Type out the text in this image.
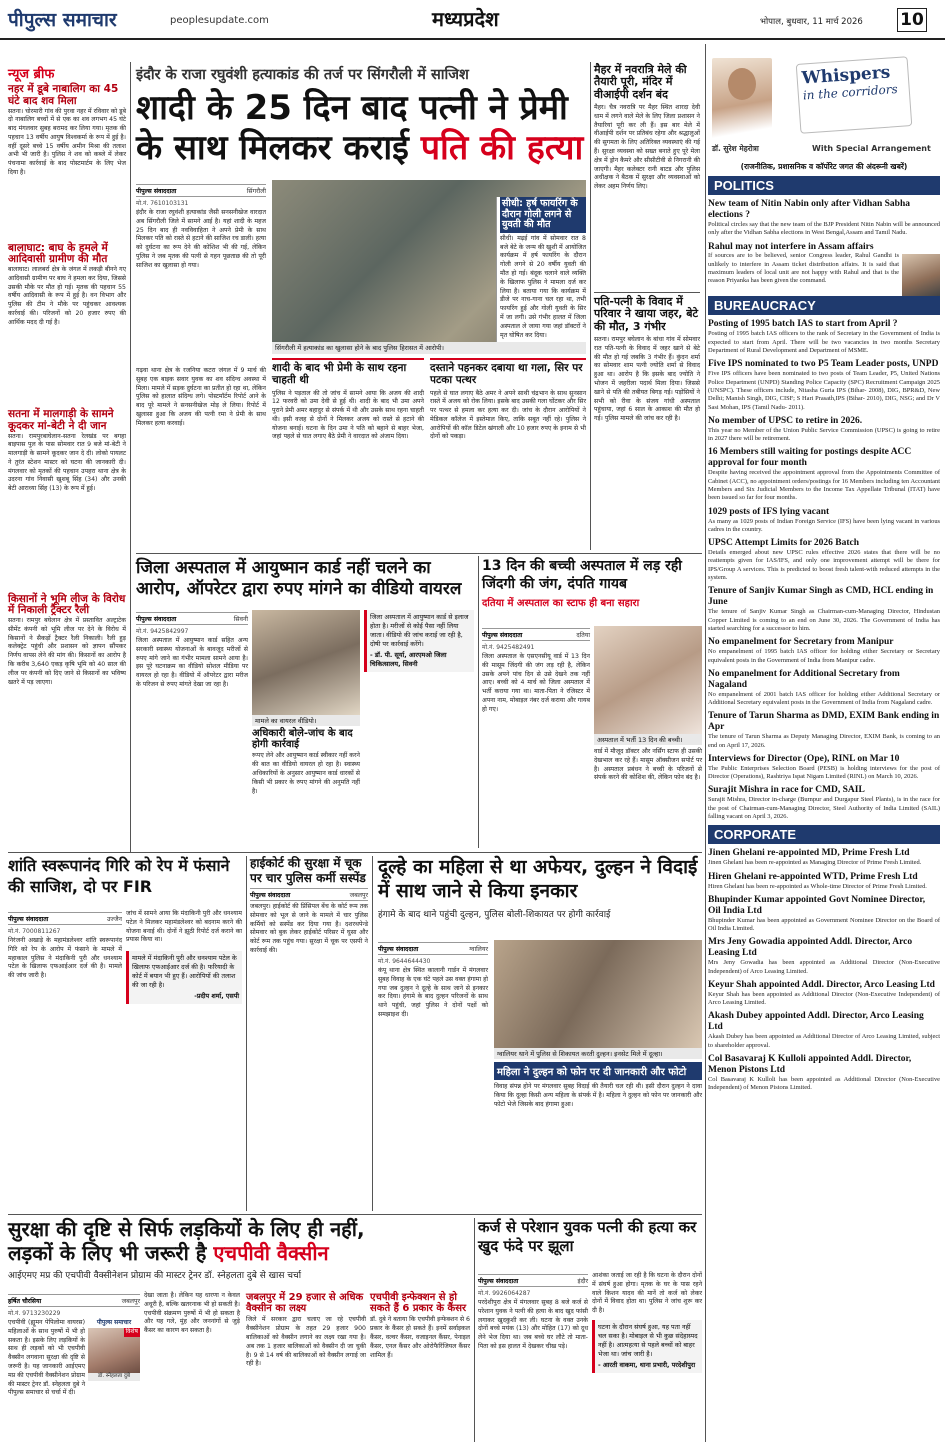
पीपुल्स समाचार	peoplesupdate.com	मध्यप्रदेश	भोपाल, बुधवार, 11 मार्च 2026 10
न्यूज ब्रीफ
नहर में डूबे नाबालिग का 45 घंटे बाद शव मिला
सतना। चोरमारी गांव की पुरवा नहर में रविवार को डूबे दो नाबालिग बच्चों में से एक का शव लगभग 45 घंटे बाद मंगलवार सुबह बरामद कर लिया गया। मृतक की पहचान 13 वर्षीय आयुष विश्वकर्मा के रूप में हुई है। वहीं दूसरे बच्चे 15 वर्षीय अमीन मिश्रा की तलाश अभी भी जारी है। पुलिस ने शव को कब्जे में लेकर पंचनामा कार्रवाई के बाद पोस्टमार्टम के लिए भेज दिया है।
बालाघाट: बाघ के हमले में आदिवासी ग्रामीण की मौत
बालाघाट। लालबर्रा क्षेत्र के जंगल में लकड़ी बीनने गए आदिवासी ग्रामीण पर बाघ ने हमला कर दिया, जिससे उसकी मौके पर मौत हो गई। मृतक की पहचान 55 वर्षीय आदिवासी के रूप में हुई है। वन विभाग और पुलिस की टीम ने मौके पर पहुंचकर आवश्यक कार्रवाई की। परिजनों को 20 हजार रुपए की आर्थिक मदद दी गई है।
सतना में मालगाड़ी के सामने कूदकर मां-बेटी ने दी जान
सतना। रामपुरबाघेलान-सतना रेलखंड पर बगहा बाइपास पुल के पास सोमवार रात 9 बजे मां-बेटी ने मालगाड़ी के सामने कूदकर जान दे दी। लोको पायलट ने तुरंत स्टेशन मास्टर को घटना की जानकारी दी। मंगलवार को मृतकों की पहचान उपहरा थाना क्षेत्र के उदरना गांव निवासी खुशबू सिंह (34) और उनकी बेटी आराध्या सिंह (13) के रूप में हुई।
किसानों ने भूमि लीज के विरोध में निकाली ट्रैक्टर रैली
सतना। रामपुर बघेलान क्षेत्र में प्रस्तावित अल्ट्राटेक सीमेंट कंपनी को भूमि लीज पर देने के विरोध में किसानों ने सैकड़ों ट्रैक्टर रैली निकाली। रैली हुड़ कलेक्ट्रेट पहुंची और प्रशासन को ज्ञापन सौंपकर निर्णय वापस लेने की मांग की। किसानों का आरोप है कि करीब 3,640 एकड़ कृषि भूमि को 40 साल की लीज पर कंपनी को दिए जाने से किसानों का भविष्य खतरे में पड़ जाएगा।
इंदौर के राजा रघुवंशी हत्याकांड की तर्ज पर सिंगरौली में साजिश
शादी के 25 दिन बाद पत्नी ने प्रेमी के साथ मिलकर कराई पति की हत्या
पीपुल्स संवाददाता	सिंगरौली
मो.नं. 7610103131
इंदौर के राजा रघुवंशी हत्याकांड जैसी सनसनीखेज वारदात अब सिंगरौली जिले में सामने आई है। यहां शादी के महज 25 दिन बाद ही नवविवाहिता ने अपने प्रेमी के साथ मिलकर पति को रास्ते से हटाने की साजिश रच डाली। हत्या को दुर्घटना का रूप देने की कोशिश भी की गई, लेकिन पुलिस ने जब मृतक की पत्नी से गहन पूछताछ की तो पूरी साजिश का खुलासा हो गया।
गढ़वा थाना क्षेत्र के रजनिया कटरा जंगल में 9 मार्च की सुबह एक बाइक सवार युवक का शव संदिग्ध अवस्था में मिला। मामले में सड़क दुर्घटना का प्रतीत हो रहा था, लेकिन पुलिस को हालात संदिग्ध लगे। पोस्टमॉर्टम रिपोर्ट आने के बाद पूरे मामले ने सनसनीखेज मोड़ ले लिया। रिपोर्ट में खुलासा हुआ कि अजय की पत्नी रमा ने प्रेमी के साथ मिलकर हत्या करवाई।
सिंगरौली में हत्याकांड का खुलासा होने के बाद पुलिस हिरासत में आरोपी।
शादी के बाद भी प्रेमी के साथ रहना चाहती थी
पुलिस ने पड़ताल की तो जांच में सामने आया कि अजय की शादी 12 फरवरी को उमा देवी से हुई थी। शादी के बाद भी उमा अपने पुराने प्रेमी अमर बहादुर से संपर्क में थी और उसके साथ रहना चाहती थी। इसी वजह से दोनों ने मिलकर अजय को रास्ते से हटाने की योजना बनाई। घटना के दिन उमा ने पति को बहाने से बाहर भेजा, जहां पहले से घात लगाए बैठे प्रेमी ने वारदात को अंजाम दिया।
दस्ताने पहनकर दबाया था गला, सिर पर पटका पत्थर
पहले से घात लगाए बैठे अमर ने अपने साथी चंद्रभान के साथ सुनसान रास्ते में अजय को रोक लिया। इसके बाद उसकी गला घोंटकर और सिर पर पत्थर से हमला कर हत्या कर दी। जांच के दौरान आरोपियों ने मेडिकल कॉलेज में इस्तेमाल किए, ताकि सबूत नहीं रहे। पुलिस ने आरोपियों की कॉल डिटेल खंगाली और 10 हजार रुपए के इनाम से भी दोनों को पकड़ा।
सीधी: हर्ष फायरिंग के दौरान गोली लगने से युवती की मौत
सीधी। मढ़ई गांव में सोमवार रात 8 बजे बेटे के जन्म की खुशी में आयोजित कार्यक्रम में हर्ष फायरिंग के दौरान गोली लगने से 20 वर्षीय युवती की मौत हो गई। बंदूक चलाने वाले व्यक्ति के खिलाफ पुलिस ने मामला दर्ज कर लिया है। बताया गया कि कार्यक्रम में डीजे पर नाच-गाना चल रहा था, तभी फायरिंग हुई और गोली युवती के सिर में जा लगी। उसे गंभीर हालत में जिला अस्पताल ले जाया गया जहां डॉक्टरों ने मृत घोषित कर दिया।
मैहर में नवरात्रि मेले की तैयारी पूरी, मंदिर में वीआईपी दर्शन बंद
मैहर। चैत्र नवरात्रि पर मैहर स्थित शारदा देवी धाम में लगने वाले मेले के लिए जिला प्रशासन ने तैयारियां पूरी कर ली हैं। इस बार मेले में वीआईपी दर्शन पर प्रतिबंध रहेगा और श्रद्धालुओं की सुगमता के लिए अतिरिक्त व्यवस्थाएं की गई हैं। सुरक्षा व्यवस्था को सख्त बनाते हुए पूरे मेला क्षेत्र में ड्रोन कैमरे और सीसीटीवी से निगरानी की जाएगी। मैहर कलेक्टर रानी बाटड और पुलिस अधीक्षक ने बैठक में सुरक्षा और व्यवस्थाओं को लेकर अहम निर्णय लिए।
पति-पत्नी के विवाद में परिवार ने खाया जहर, बेटे की मौत, 3 गंभीर
सतना। रामपुर बघेलान के बांधा गांव में सोमवार रात पति-पत्नी के विवाद में जहर खाने से बेटे की मौत हो गई जबकि 3 गंभीर हैं। कुंदन शर्मा का सोमवार शाम पत्नी ज्योति शर्मा से विवाद हुआ था। आरोप है कि इसके बाद ज्योति ने भोजन में जहरीला पदार्थ मिला दिया। जिससे खाने से पति की तबीयत बिगड़ गई। पड़ोसियों ने सभी को रीवा के संजय गांधी अस्पताल पहुंचाया, जहां 6 साल के आकाश की मौत हो गई। पुलिस मामले की जांच कर रही है।
जिला अस्पताल में आयुष्मान कार्ड नहीं चलने का आरोप, ऑपरेटर द्वारा रुपए मांगने का वीडियो वायरल
पीपुल्स संवाददाता	सिवनी
मो.नं. 9425842997
जिला अस्पताल में आयुष्मान कार्ड सहित अन्य सरकारी स्वास्थ्य योजनाओं के बावजूद मरीजों से रुपए मांगे जाने का गंभीर मामला सामने आया है। इस पूरे घटनाक्रम का वीडियो सोशल मीडिया पर वायरल हो रहा है। वीडियो में ऑपरेटर द्वारा मरीज के परिजन से रुपए मांगते देखा जा रहा है।
मामले का वायरल वीडियो।
अधिकारी बोले-जांच के बाद होगी कार्रवाई
रूपए लेने और आयुष्मान कार्ड स्वीकार नहीं करने की बात का वीडियो वायरल हो रहा है। स्वास्थ्य अधिकारियों के अनुसार आयुष्मान कार्ड धारकों से किसी भी प्रकार के रुपए मांगने की अनुमति नहीं है।
जिला अस्पताल में आयुष्मान कार्ड से इलाज होता है। मरीजों से कोई पैसा नहीं लिया जाता। वीडियो की जांच कराई जा रही है, दोषी पर कार्रवाई करेंगे।
- डॉ. पी. सूर्या, आरएमओ जिला चिकित्सालय, सिवनी
13 दिन की बच्ची अस्पताल में लड़ रही जिंदगी की जंग, दंपति गायब
दतिया में अस्पताल का स्टाफ ही बना सहारा
पीपुल्स संवाददाता	दतिया
मो.नं. 9425482491
जिला अस्पताल के एसएनसीयू वार्ड में 13 दिन की मासूम जिंदगी की जंग लड़ रही है, लेकिन उसके अपने पांच दिन से उसे देखने तक नहीं आए। बच्ची को 4 मार्च को जिला अस्पताल में भर्ती कराया गया था। माता-पिता ने रजिस्टर में अपना नाम, मोबाइल नंबर दर्ज कराया और गायब हो गए।
अस्पताल में भर्ती 13 दिन की बच्ची।
वार्ड में मौजूद डॉक्टर और नर्सिंग स्टाफ ही उसकी देखभाल कर रहे हैं। मासूम ऑक्सीजन सपोर्ट पर है। अस्पताल प्रबंधन ने बच्ची के परिजनों से संपर्क करने की कोशिश की, लेकिन फोन बंद है।
शांति स्वरूपानंद गिरि को रेप में फंसाने की साजिश, दो पर FIR
पीपुल्स संवाददाता	उज्जैन
मो.नं. 7000811267
निरंजनी अखाड़े के महामंडलेश्वर शांति स्वरूपानंद गिरि को रेप के आरोप में फंसाने के मामले में महाकाल पुलिस ने मंदाकिनी पुरी और धनश्याम पटेल के खिलाफ एफआईआर दर्ज की है। मामले की जांच जारी है।
जांच में सामने आया कि मंदाकिनी पुरी और धनश्याम पटेल ने मिलकर महामंडलेश्वर को बदनाम करने की योजना बनाई थी। दोनों ने झूठी रिपोर्ट दर्ज कराने का प्रयास किया था।
मामले में मंदाकिनी पुरी और धनश्याम पटेल के खिलाफ एफआईआर दर्ज की है। फरियादी के कोर्ट में बयान भी हुए हैं। आरोपियों की तलाश की जा रही है।
-प्रदीप शर्मा, एसपी
हाईकोर्ट की सुरक्षा में चूक पर चार पुलिस कर्मी सस्पेंड
पीपुल्स संवाददाता	जबलपुर
जबलपुर। हाईकोर्ट की प्रिंसिपल बेंच के कोर्ट रूम तक सोमवार को भूल से जाने के मामले में चार पुलिस कर्मियों को सस्पेंड कर दिया गया है। दशरथपेन्डे सोमवार को बुक लेकर हाईकोर्ट परिसर में घुसा और कोर्ट रूम तक पहुंच गया। सुरक्षा में चूक पर एसपी ने कार्रवाई की।
दूल्हे का महिला से था अफेयर, दुल्हन ने विदाई में साथ जाने से किया इनकार
हंगामे के बाद थाने पहुंची दुल्हन, पुलिस बोली-शिकायत पर होगी कार्रवाई
पीपुल्स संवाददाता	ग्वालियर
मो.नं. 9644644430
कंपू थाना क्षेत्र स्थित कालानी गार्डन में मंगलवार सुबह विवाह के एक घंटे पहले उस वक्त हंगामा हो गया जब दुल्हन ने दूल्हे के साथ जाने से इनकार कर दिया। हंगामे के बाद दुल्हन परिजनों के साथ थाने पहुंची, जहां पुलिस ने दोनों पक्षों को समझाइश दी।
ग्वालियर थाने में पुलिस से शिकायत करती दुल्हन। इनसेट मिले में दूल्हा।
महिला ने दुल्हन को फोन पर दी जानकारी और फोटो
विवाह संपन्न होने पर मंगलवार सुबह विदाई की तैयारी चल रही थी। इसी दौरान दुल्हन ने दावा किया कि दूल्हा किसी अन्य महिला के संपर्क में है। महिला ने दुल्हन को फोन पर जानकारी और फोटो भेजे जिसके बाद हंगामा हुआ।
सुरक्षा की दृष्टि से सिर्फ लड़कियों के लिए ही नहीं,
लड़कों के लिए भी जरूरी है एचपीवी वैक्सीन
आईएमए मप्र की एचपीवी वैक्सीनेशन प्रोग्राम की मास्टर ट्रेनर डॉ. स्नेहलता दुबे से खास चर्चा
हर्षित चौरसिया	जबलपुर
मो.नं. 9713230229
पीपुल्स समाचार
विशेष
डॉ. स्नेहलता दुबे
एचपीवी (ह्यूमन पेपिलोमा वायरस) महिलाओं के साथ पुरुषों में भी हो सकता है। इसके लिए लड़कियों के साथ ही लड़कों को भी एचपीवी वैक्सीन लगवाना सुरक्षा की दृष्टि से जरूरी है। यह जानकारी आईएमए मप्र की एचपीवी वैक्सीनेशन प्रोग्राम की मास्टर ट्रेनर डॉ. स्नेहलता दुबे ने पीपुल्स समाचार से चर्चा में दी।
देखा जाता है। लेकिन यह धारणा न केवल अधूरी है, बल्कि खतरनाक भी हो सकती है। एचपीवी संक्रमण पुरुषों में भी हो सकता है और यह गले, मुंह और जननांगों से जुड़े कैंसर का कारण बन सकता है।
जबलपुर में 29 हजार से अधिक वैक्सीन का लक्ष्य
जिले में सरकार द्वारा चलाए जा रहे एचपीवी वैक्सीनेशन प्रोग्राम के तहत 29 हजार 900 बालिकाओं को वैक्सीन लगाने का लक्ष्य रखा गया है। अब तक 1 हजार बालिकाओं को वैक्सीन दी जा चुकी है। 9 से 14 वर्ष की बालिकाओं को वैक्सीन लगाई जा रही है।
एचपीवी इन्फेक्शन से हो सकते हैं 6 प्रकार के कैंसर
डॉ. दुबे ने बताया कि एचपीवी इन्फेक्शन से 6 प्रकार के कैंसर हो सकते हैं। इनमें सर्वाइकल कैंसर, वल्वर कैंसर, वजाइनल कैंसर, पेनाइल कैंसर, एनल कैंसर और ओरोफैरिंजियल कैंसर शामिल हैं।
कर्ज से परेशान युवक पत्नी की हत्या कर खुद फंदे पर झूला
पीपुल्स संवाददाता	इंदौर
मो.नं. 9926064287
परदेशीपुरा क्षेत्र में मंगलवार सुबह 8 बजे कर्ज से परेशान युवक ने पत्नी की हत्या के बाद खुद फांसी लगाकर खुदकुशी कर ली। घटना के वक्त उनके दोनों बच्चे मयंक (13) और मोहित (17) को दूध लेने भेज दिया था। जब बच्चे घर लौटे तो माता-पिता को इस हालत में देखकर चीख पड़े।
आशंका जताई जा रही है कि घटना के दौरान दोनों में संघर्ष हुआ होगा। मृतक के घर के पास रहने वाले किशन यादव की मानें तो कर्ज को लेकर दोनों में विवाद होता था। पुलिस ने जांच शुरू कर दी है।
घटना के दौरान संघर्ष हुआ, यह पता नहीं चल सका है। मोबाइल से भी कुछ संदेहास्पद नहीं है। आत्महत्या से पहले बच्चों को बाहर भेजा था। जांच जारी है।
- आरती वाकमा, थाना प्रभारी, परदेशीपुरा
Whispers
in the corridors
डॉ. सुरेश मेहरोत्रा	With Special Arrangement
(राजनीतिक, प्रशासनिक व कॉर्पोरेट जगत की अंदरूनी खबरें)
POLITICS
New team of Nitin Nabin only after Vidhan Sabha elections ?
Political circles say that the new team of the BJP President Nitin Nabin will be announced only after the Vidhan Sabha elections in West Bengal,Assam and Tamil Nadu.
Rahul may not interfere in Assam affairs
If sources are to be believed, senior Congress leader, Rahul Gandhi is unlikely to interfere in Assam ticket distribution affairs. It is said that maximum leaders of local unit are not happy with Rahul and that is the reason Priyanka has been given the command.
BUREAUCRACY
Posting of 1995 batch IAS to start from April ?
Posting of 1995 batch IAS officers to the rank of Secretary in the Government of India is expected to start from April. There will be two vacancies in two months Secretary Department of Rural Development and Department of MSME.
Five IPS nominated to two P5 Team Leader posts, UNPD
Five IPS officers have been nominated to two posts of Team Leader, P5, United Nations Police Department (UNPD) Standing Police Capacity (SPC) Recruitment Campaign 2025 (UNSPC). These officers include, Nitasha Guria IPS (Bihar- 2008), DIG, BPR&D, New Delhi; Manish Singh, DIG, CISF; S Hari Prasath,IPS (Bihar- 2010), DIG, NSG; and Dr V Sasi Mohan, IPS (Tamil Nadu- 2011).
No member of UPSC to retire in 2026.
This year no Member of the Union Public Service Commission (UPSC) is going to retire in 2027 there will be retirement.
16 Members still waiting for postings despite ACC approval for four month
Despite having received the appointment approval from the Appointments Committee of Cabinet (ACC), no appointment orders/postings for 16 Members including ten Accountant Members and Six Judicial Members to the Income Tax Appellate Tribunal (ITAT) have been issued so far for four months.
1029 posts of IFS lying vacant
As many as 1029 posts of Indian Foreign Service (IFS) have been lying vacant in various cadres in the country.
UPSC Attempt Limits for 2026 Batch
Details emerged about new UPSC rules effective 2026 states that there will be no reattempts given for IAS/IFS, and only one improvement attempt will be there for IPS/Group A services. This is predicted to boost fresh talent-with reduced attempts in the system.
Tenure of Sanjiv Kumar Singh as CMD, HCL ending in June
The tenure of Sanjiv Kumar Singh as Chairman-cum-Managing Director, Hindustan Copper Limited is coming to an end on June 30, 2026. The Government of India has started searching for a successor to him.
No empanelment for Secretary from Manipur
No empanelment of 1995 batch IAS officer for holding either Secretary or Secretary equivalent posts in the Government of India from Manipur cadre.
No empanelment for Additional Secretary from Nagaland
No empanelment of 2001 batch IAS officer for holding either Additional Secretary or Additional Secretary equivalent posts in the Government of India from Nagaland cadre.
Tenure of Tarun Sharma as DMD, EXIM Bank ending in Apr
The tenure of Tarun Sharma as Deputy Managing Director, EXIM Bank, is coming to an end on April 17, 2026.
Interviews for Director (Ope), RINL on Mar 10
The Public Enterprises Selection Board (PESB) is holding interviews for the post of Director (Operations), Rashtriya Ispat Nigam Limited (RINL) on March 10, 2026.
Surajit Mishra in race for CMD, SAIL
Surajit Mishra, Director in-charge (Burnpur and Durgapur Steel Plants), is in the race for the post of Chairman-cum-Managing Director, Steel Authority of India Limited (SAIL) falling vacant on April 3, 2026.
CORPORATE
Jinen Ghelani re-appointed MD, Prime Fresh Ltd
Jinen Ghelani has been re-appointed as Managing Director of Prime Fresh Limited.
Hiren Ghelani re-appointed WTD, Prime Fresh Ltd
Hiren Ghelani has been re-appointed as Whole-time Director of Prime Fresh Limited.
Bhupinder Kumar appointed Govt Nominee Director, Oil India Ltd
Bhupinder Kumar has been appointed as Government Nominee Director on the Board of Oil India Limited.
Mrs Jeny Gowadia appointed Addl. Director, Arco Leasing Ltd
Mrs Jeny Gowadia has been appointed as Additional Director (Non-Executive Independent) of Arco Leasing Limited.
Keyur Shah appointed Addl. Director, Arco Leasing Ltd
Keyur Shah has been appointed as Additional Director (Non-Executive Independent) of Arco Leasing Limited.
Akash Dubey appointed Addl. Director, Arco Leasing Ltd
Akash Dubey has been appointed as Additional Director of Arco Leasing Limited, subject to shareholder approval.
Col Basavaraj K Kulloli appointed Addl. Director, Menon Pistons Ltd
Col Basavaraj K Kulloli has been appointed as Additional Director (Non-Executive Independent) of Menon Pistons Limited.
